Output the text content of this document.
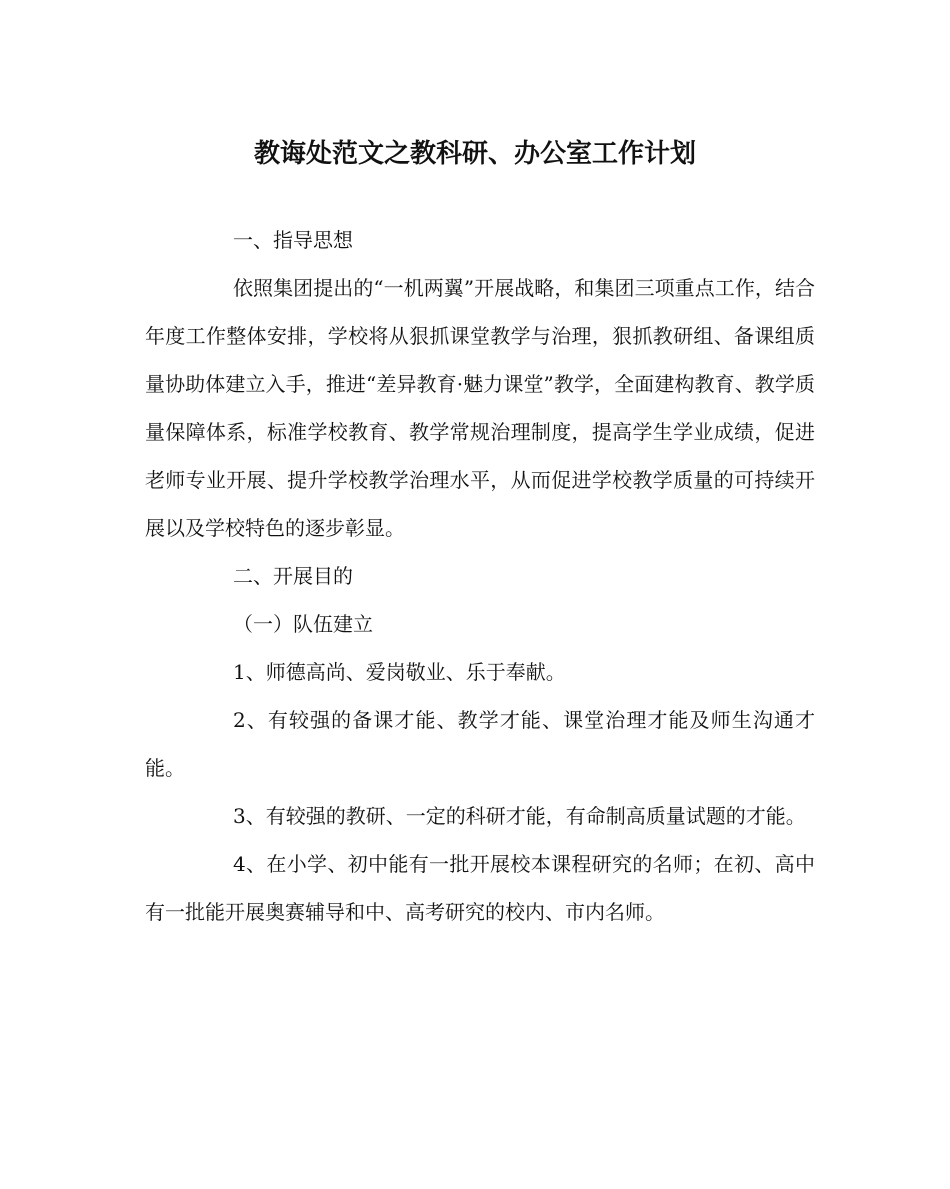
教诲处范文之教科研、办公室工作计划

一、指导思想

依照集团提出的“一机两翼”开展战略，和集团三项重点工作，结合年度工作整体安排，学校将从狠抓课堂教学与治理，狠抓教研组、备课组质量协助体建立入手，推进“差异教育·魅力课堂”教学，全面建构教育、教学质量保障体系，标准学校教育、教学常规治理制度，提高学生学业成绩，促进老师专业开展、提升学校教学治理水平，从而促进学校教学质量的可持续开展以及学校特色的逐步彰显。

二、开展目的

（一）队伍建立

1、师德高尚、爱岗敬业、乐于奉献。

2、有较强的备课才能、教学才能、课堂治理才能及师生沟通才能。

3、有较强的教研、一定的科研才能，有命制高质量试题的才能。

4、在小学、初中能有一批开展校本课程研究的名师；在初、高中有一批能开展奥赛辅导和中、高考研究的校内、市内名师。
